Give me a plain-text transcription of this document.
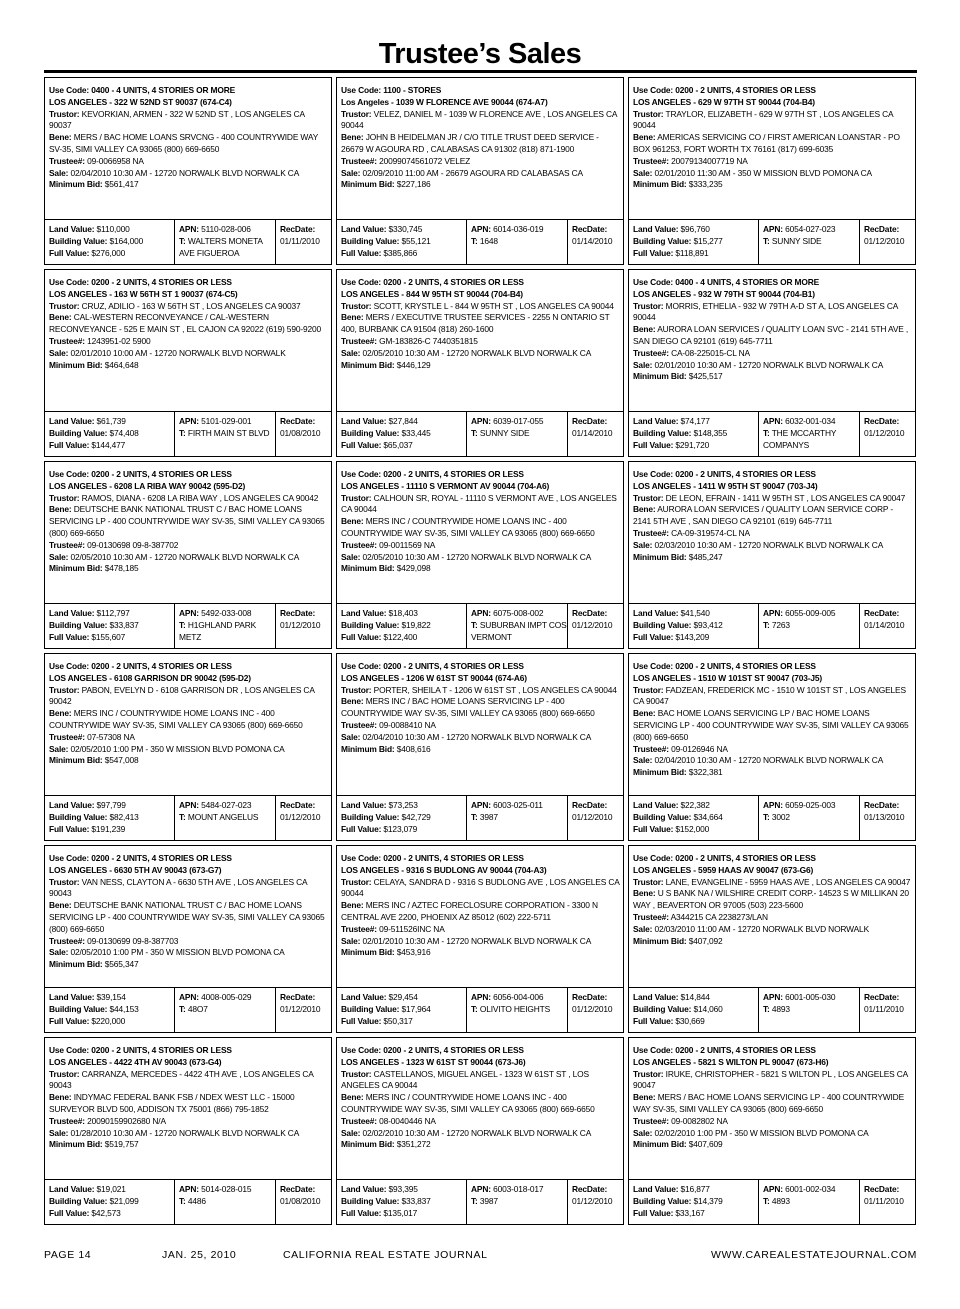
Trustee’s Sales
Use Code: 0400 - 4 UNITS, 4 STORIES OR MORE
LOS ANGELES - 322 W 52ND ST 90037 (674-C4)
Trustor: KEVORKIAN, ARMEN - 322 W 52ND ST , LOS ANGELES CA 90037
Bene: MERS / BAC HOME LOANS SRVCNG - 400 COUNTRYWIDE WAY SV-35, SIMI VALLEY CA 93065 (800) 669-6650
Trustee#: 09-0066958 NA
Sale: 02/04/2010 10:30 AM - 12720 NORWALK BLVD NORWALK CA
Minimum Bid: $561,417
Land Value: $110,000
Building Value: $164,000
Full Value: $276,000
APN: 5110-028-006
T: WALTERS MONETA AVE FIGUEROA
RecDate:
01/11/2010
Use Code: 1100 - STORES
Los Angeles - 1039 W FLORENCE AVE 90044 (674-A7)
Trustor: VELEZ, DANIEL M - 1039 W FLORENCE AVE , LOS ANGELES CA 90044
Bene: JOHN B HEIDELMAN JR / C/O TITLE TRUST DEED SERVICE - 26679 W AGOURA RD , CALABASAS CA 91302 (818) 871-1900
Trustee#: 20099074561072 VELEZ
Sale: 02/09/2010 11:00 AM - 26679 AGOURA RD CALABASAS CA
Minimum Bid: $227,186
Land Value: $330,745
Building Value: $55,121
Full Value: $385,866
APN: 6014-036-019
T: 1648
RecDate:
01/14/2010
Use Code: 0200 - 2 UNITS, 4 STORIES OR LESS
LOS ANGELES - 629 W 97TH ST 90044 (704-B4)
Trustor: TRAYLOR, ELIZABETH - 629 W 97TH ST , LOS ANGELES CA 90044
Bene: AMERICAS SERVICING CO / FIRST AMERICAN LOANSTAR - PO BOX 961253, FORT WORTH TX 76161 (817) 699-6035
Trustee#: 20079134007719 NA
Sale: 02/01/2010 11:30 AM - 350 W MISSION BLVD POMONA CA
Minimum Bid: $333,235
Land Value: $96,760
Building Value: $15,277
Full Value: $118,891
APN: 6054-027-023
T: SUNNY SIDE
RecDate:
01/12/2010
Use Code: 0200 - 2 UNITS, 4 STORIES OR LESS
LOS ANGELES - 163 W 56TH ST 1 90037 (674-C5)
Trustor: CRUZ, ADILIO - 163 W 56TH ST , LOS ANGELES CA 90037
Bene: CAL-WESTERN RECONVEYANCE / CAL-WESTERN RECONVEYANCE - 525 E MAIN ST , EL CAJON CA 92022 (619) 590-9200
Trustee#: 1243951-02 5900
Sale: 02/01/2010 10:00 AM - 12720 NORWALK BLVD NORWALK
Minimum Bid: $464,648
Land Value: $61,739
Building Value: $74,408
Full Value: $144,477
APN: 5101-029-001
T: FIRTH MAIN ST BLVD
RecDate:
01/08/2010
Use Code: 0200 - 2 UNITS, 4 STORIES OR LESS
LOS ANGELES - 844 W 95TH ST 90044 (704-B4)
Trustor: SCOTT, KRYSTLE L - 844 W 95TH ST , LOS ANGELES CA 90044
Bene: MERS / EXECUTIVE TRUSTEE SERVICES - 2255 N ONTARIO ST 400, BURBANK CA 91504 (818) 260-1600
Trustee#: GM-183826-C 7440351815
Sale: 02/05/2010 10:30 AM - 12720 NORWALK BLVD NORWALK CA
Minimum Bid: $446,129
Land Value: $27,844
Building Value: $33,445
Full Value: $65,037
APN: 6039-017-055
T: SUNNY SIDE
RecDate:
01/14/2010
Use Code: 0400 - 4 UNITS, 4 STORIES OR MORE
LOS ANGELES - 932 W 79TH ST 90044 (704-B1)
Trustor: MORRIS, ETHELIA - 932 W 79TH A-D ST A, LOS ANGELES CA 90044
Bene: AURORA LOAN SERVICES / QUALITY LOAN SVC - 2141 5TH AVE , SAN DIEGO CA 92101 (619) 645-7711
Trustee#: CA-08-225015-CL NA
Sale: 02/01/2010 10:30 AM - 12720 NORWALK BLVD NORWALK CA
Minimum Bid: $425,517
Land Value: $74,177
Building Value: $148,355
Full Value: $291,720
APN: 6032-001-034
T: THE MCCARTHY COMPANYS
RecDate:
01/12/2010
Use Code: 0200 - 2 UNITS, 4 STORIES OR LESS
LOS ANGELES - 6208 LA RIBA WAY 90042 (595-D2)
Trustor: RAMOS, DIANA - 6208 LA RIBA WAY , LOS ANGELES CA 90042
Bene: DEUTSCHE BANK NATIONAL TRUST C / BAC HOME LOANS SERVICING LP - 400 COUNTRYWIDE WAY SV-35, SIMI VALLEY CA 93065 (800) 669-6650
Trustee#: 09-0130698 09-8-387702
Sale: 02/05/2010 10:30 AM - 12720 NORWALK BLVD NORWALK CA
Minimum Bid: $478,185
Land Value: $112,797
Building Value: $33,837
Full Value: $155,607
APN: 5492-033-008
T: H1GHLAND PARK METZ
RecDate:
01/12/2010
Use Code: 0200 - 2 UNITS, 4 STORIES OR LESS
LOS ANGELES - 11110 S VERMONT AV 90044 (704-A6)
Trustor: CALHOUN SR, ROYAL - 11110 S VERMONT AVE , LOS ANGELES CA 90044
Bene: MERS INC / COUNTRYWIDE HOME LOANS INC - 400 COUNTRYWIDE WAY SV-35, SIMI VALLEY CA 93065 (800) 669-6650
Trustee#: 09-0011569 NA
Sale: 02/05/2010 10:30 AM - 12720 NORWALK BLVD NORWALK CA
Minimum Bid: $429,098
Land Value: $18,403
Building Value: $19,822
Full Value: $122,400
APN: 6075-008-002
T: SUBURBAN IMPT COS VERMONT
RecDate:
01/12/2010
Use Code: 0200 - 2 UNITS, 4 STORIES OR LESS
LOS ANGELES - 1411 W 95TH ST 90047 (703-J4)
Trustor: DE LEON, EFRAIN - 1411 W 95TH ST , LOS ANGELES CA 90047
Bene: AURORA LOAN SERVICES / QUALITY LOAN SERVICE CORP - 2141 5TH AVE , SAN DIEGO CA 92101 (619) 645-7711
Trustee#: CA-09-319574-CL NA
Sale: 02/03/2010 10:30 AM - 12720 NORWALK BLVD NORWALK CA
Minimum Bid: $485,247
Land Value: $41,540
Building Value: $93,412
Full Value: $143,209
APN: 6055-009-005
T: 7263
RecDate:
01/14/2010
Use Code: 0200 - 2 UNITS, 4 STORIES OR LESS
LOS ANGELES - 6108 GARRISON DR 90042 (595-D2)
Trustor: PABON, EVELYN D - 6108 GARRISON DR , LOS ANGELES CA 90042
Bene: MERS INC / COUNTRYWIDE HOME LOANS INC - 400 COUNTRYWIDE WAY SV-35, SIMI VALLEY CA 93065 (800) 669-6650
Trustee#: 07-57308 NA
Sale: 02/05/2010 1:00 PM - 350 W MISSION BLVD POMONA CA
Minimum Bid: $547,008
Land Value: $97,799
Building Value: $82,413
Full Value: $191,239
APN: 5484-027-023
T: MOUNT ANGELUS
RecDate:
01/12/2010
Use Code: 0200 - 2 UNITS, 4 STORIES OR LESS
LOS ANGELES - 1206 W 61ST ST 90044 (674-A6)
Trustor: PORTER, SHEILA T - 1206 W 61ST ST , LOS ANGELES CA 90044
Bene: MERS INC / BAC HOME LOANS SERVICING LP - 400 COUNTRYWIDE WAY SV-35, SIMI VALLEY CA 93065 (800) 669-6650
Trustee#: 09-0088410 NA
Sale: 02/04/2010 10:30 AM - 12720 NORWALK BLVD NORWALK CA
Minimum Bid: $408,616
Land Value: $73,253
Building Value: $42,729
Full Value: $123,079
APN: 6003-025-011
T: 3987
RecDate:
01/12/2010
Use Code: 0200 - 2 UNITS, 4 STORIES OR LESS
LOS ANGELES - 1510 W 101ST ST 90047 (703-J5)
Trustor: FADZEAN, FREDERICK MC - 1510 W 101ST ST , LOS ANGELES CA 90047
Bene: BAC HOME LOANS SERVICING LP / BAC HOME LOANS SERVICING LP - 400 COUNTRYWIDE WAY SV-35, SIMI VALLEY CA 93065 (800) 669-6650
Trustee#: 09-0126946 NA
Sale: 02/04/2010 10:30 AM - 12720 NORWALK BLVD NORWALK CA
Minimum Bid: $322,381
Land Value: $22,382
Building Value: $34,664
Full Value: $152,000
APN: 6059-025-003
T: 3002
RecDate:
01/13/2010
Use Code: 0200 - 2 UNITS, 4 STORIES OR LESS
LOS ANGELES - 6630 5TH AV 90043 (673-G7)
Trustor: VAN NESS, CLAYTON A - 6630 5TH AVE , LOS ANGELES CA 90043
Bene: DEUTSCHE BANK NATIONAL TRUST C / BAC HOME LOANS SERVICING LP - 400 COUNTRYWIDE WAY SV-35, SIMI VALLEY CA 93065 (800) 669-6650
Trustee#: 09-0130699 09-8-387703
Sale: 02/05/2010 1:00 PM - 350 W MISSION BLVD POMONA CA
Minimum Bid: $565,347
Land Value: $39,154
Building Value: $44,153
Full Value: $220,000
APN: 4008-005-029
T: 48O7
RecDate:
01/12/2010
Use Code: 0200 - 2 UNITS, 4 STORIES OR LESS
LOS ANGELES - 9316 S BUDLONG AV 90044 (704-A3)
Trustor: CELAYA, SANDRA D - 9316 S BUDLONG AVE , LOS ANGELES CA 90044
Bene: MERS INC / AZTEC FORECLOSURE CORPORATION - 3300 N CENTRAL AVE 2200, PHOENIX AZ 85012 (602) 222-5711
Trustee#: 09-511526INC NA
Sale: 02/01/2010 10:30 AM - 12720 NORWALK BLVD NORWALK CA
Minimum Bid: $453,916
Land Value: $29,454
Building Value: $17,964
Full Value: $50,317
APN: 6056-004-006
T: OLIVITO HEIGHTS
RecDate:
01/12/2010
Use Code: 0200 - 2 UNITS, 4 STORIES OR LESS
LOS ANGELES - 5959 HAAS AV 90047 (673-G6)
Trustor: LANE, EVANGELINE - 5959 HAAS AVE , LOS ANGELES CA 90047
Bene: U S BANK NA / WILSHIRE CREDIT CORP.- 14523 S W MILLIKAN 20 WAY , BEAVERTON OR 97005 (503) 223-5600
Trustee#: A344215 CA 2238273/LAN
Sale: 02/03/2010 11:00 AM - 12720 NORWALK BLVD NORWALK
Minimum Bid: $407,092
Land Value: $14,844
Building Value: $14,060
Full Value: $30,669
APN: 6001-005-030
T: 4893
RecDate:
01/11/2010
Use Code: 0200 - 2 UNITS, 4 STORIES OR LESS
LOS ANGELES - 4422 4TH AV 90043 (673-G4)
Trustor: CARRANZA, MERCEDES - 4422 4TH AVE , LOS ANGELES CA 90043
Bene: INDYMAC FEDERAL BANK FSB / NDEX WEST LLC - 15000 SURVEYOR BLVD 500, ADDISON TX 75001 (866) 795-1852
Trustee#: 20090159902680 N/A
Sale: 01/28/2010 10:30 AM - 12720 NORWALK BLVD NORWALK CA
Minimum Bid: $519,757
Land Value: $19,021
Building Value: $21,099
Full Value: $42,573
APN: 5014-028-015
T: 4486
RecDate:
01/08/2010
Use Code: 0200 - 2 UNITS, 4 STORIES OR LESS
LOS ANGELES - 1323 W 61ST ST 90044 (673-J6)
Trustor: CASTELLANOS, MIGUEL ANGEL - 1323 W 61ST ST , LOS ANGELES CA 90044
Bene: MERS INC / COUNTRYWIDE HOME LOANS INC - 400 COUNTRYWIDE WAY SV-35, SIMI VALLEY CA 93065 (800) 669-6650
Trustee#: 08-0040446 NA
Sale: 02/02/2010 10:30 AM - 12720 NORWALK BLVD NORWALK CA
Minimum Bid: $351,272
Land Value: $93,395
Building Value: $33,837
Full Value: $135,017
APN: 6003-018-017
T: 3987
RecDate:
01/12/2010
Use Code: 0200 - 2 UNITS, 4 STORIES OR LESS
LOS ANGELES - 5821 S WILTON PL 90047 (673-H6)
Trustor: IRUKE, CHRISTOPHER - 5821 S WILTON PL , LOS ANGELES CA 90047
Bene: MERS / BAC HOME LOANS SERVICING LP - 400 COUNTRYWIDE WAY SV-35, SIMI VALLEY CA 93065 (800) 669-6650
Trustee#: 09-0082802 NA
Sale: 02/02/2010 1:00 PM - 350 W MISSION BLVD POMONA CA
Minimum Bid: $407,609
Land Value: $16,877
Building Value: $14,379
Full Value: $33,167
APN: 6001-002-034
T: 4893
RecDate:
01/11/2010
PAGE 14	JAN. 25, 2010	CALIFORNIA REAL ESTATE JOURNAL	WWW.CAREALESTATEJOURNAL.COM
